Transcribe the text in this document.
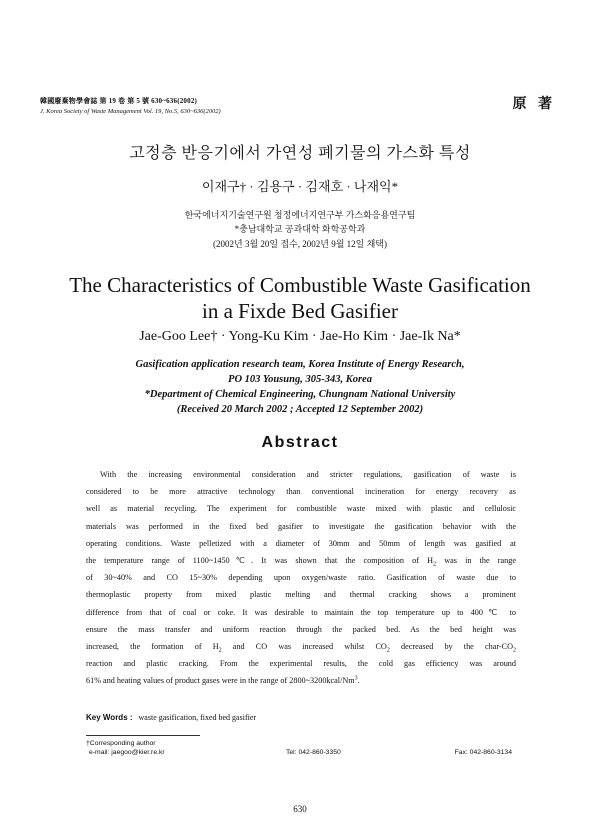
韓國廢棄物學會誌 第 19 卷 第 5 號 630~636(2002)
J. Korea Society of Waste Management Vol. 19, No.5, 630~636(2002)	原 著
고정층 반응기에서 가연성 폐기물의 가스화 특성
이재구† · 김용구 · 김재호 · 나재익*
한국에너지기술연구원 청정에너지연구부 가스화응용연구팀
*충남대학교 공과대학 화학공학과
(2002년 3월 20일 접수, 2002년 9월 12일 채택)
The Characteristics of Combustible Waste Gasification
in a Fixde Bed Gasifier
Jae-Goo Lee† · Yong-Ku Kim · Jae-Ho Kim · Jae-Ik Na*
Gasification application research team, Korea Institute of Energy Research,
PO 103 Yousung, 305-343, Korea
*Department of Chemical Engineering, Chungnam National University
(Received 20 March 2002 ; Accepted 12 September 2002)
Abstract
With the increasing environmental consideration and stricter regulations, gasification of waste is
considered to be more attractive technology than conventional incineration for energy recovery as
well as material recycling. The experiment for combustible waste mixed with plastic and cellulosic
materials was performed in the fixed bed gasifier to investigate the gasification behavior with the
operating conditions. Waste pelletized with a diameter of 30mm and 50mm of length was gasified at
the temperature range of 1100~1450℃. It was shown that the composition of $H_2$ was in the range
of 30~40% and CO 15~30% depending upon oxygen/waste ratio. Gasification of waste due to
thermoplastic property from mixed plastic melting and thermal cracking shows a prominent
difference from that of coal or coke. It was desirable to maintain the top temperature up to 400℃ to
ensure the mass transfer and uniform reaction through the packed bed. As the bed height was
increased, the formation of $H_2$ and CO was increased whilst $CO_2$ decreased by the char-$CO_2$
reaction and plastic cracking. From the experimental results, the cold gas efficiency was around
61% and heating values of product gases were in the range of 2800~3200kcal/Nm$^3$.
Key Words : waste gasification, fixed bed gasifier
†Corresponding author
e-mail: jaegoo@kier.re.kr	Tel: 042-860-3350	Fax: 042-860-3134
630
